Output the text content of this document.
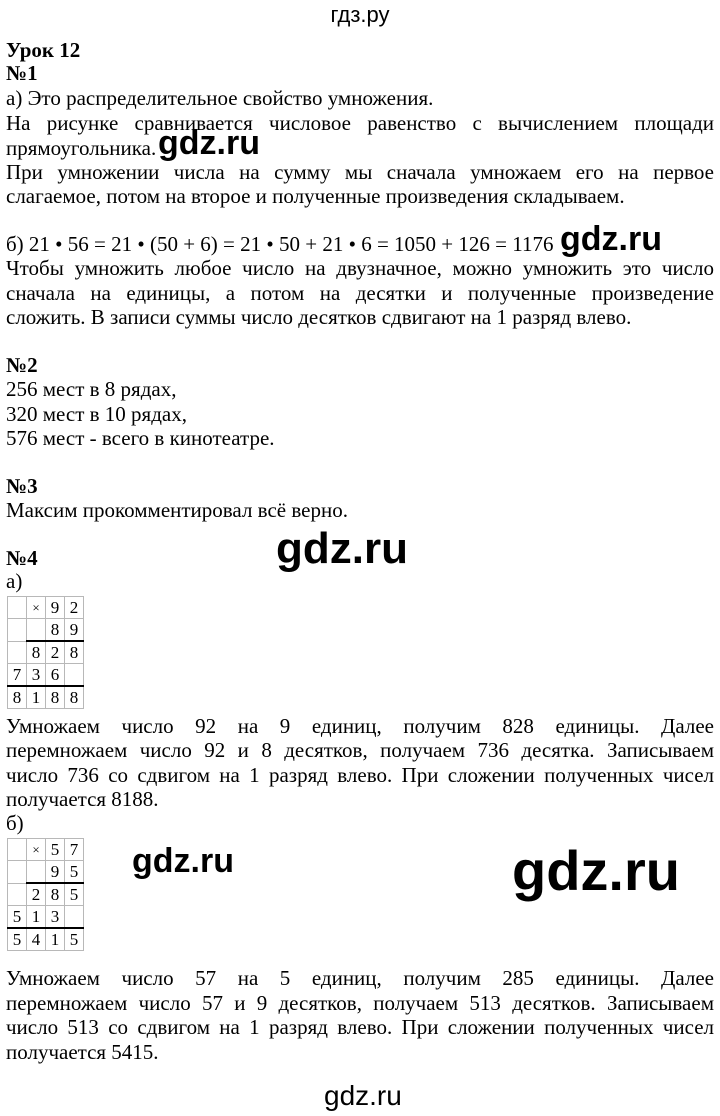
гдз.ру
Урок 12
№1
а) Это распределительное свойство умножения.
На рисунке сравнивается числовое равенство с вычислением площади
прямоугольника.
При умножении числа на сумму мы сначала умножаем его на первое
слагаемое, потом на второе и полученные произведения складываем.
б) 21 • 56 = 21 • (50 + 6) = 21 • 50 + 21 • 6 = 1050 + 126 = 1176
Чтобы умножить любое число на двузначное, можно умножить это число
сначала на единицы, а потом на десятки и полученные произведение
сложить. В записи суммы число десятков сдвигают на 1 разряд влево.
№2
256 мест в 8 рядах,
320 мест в 10 рядах,
576 мест - всего в кинотеатре.
№3
Максим прокомментировал всё верно.
№4
а)
	×	9	2
		8	9
	8	2	8
7	3	6	
8	1	8	8
Умножаем число 92 на 9 единиц, получим 828 единицы. Далее
перемножаем число 92 и 8 десятков, получаем 736 десятка. Записываем
число 736 со сдвигом на 1 разряд влево. При сложении полученных чисел
получается 8188.
б)
	×	5	7
		9	5
	2	8	5
5	1	3	
5	4	1	5
Умножаем число 57 на 5 единиц, получим 285 единицы. Далее
перемножаем число 57 и 9 десятков, получаем 513 десятков. Записываем
число 513 со сдвигом на 1 разряд влево. При сложении полученных чисел
получается 5415.
gdz.ru
gdz.ru
gdz.ru
gdz.ru	gdz.ru
gdz.ru
